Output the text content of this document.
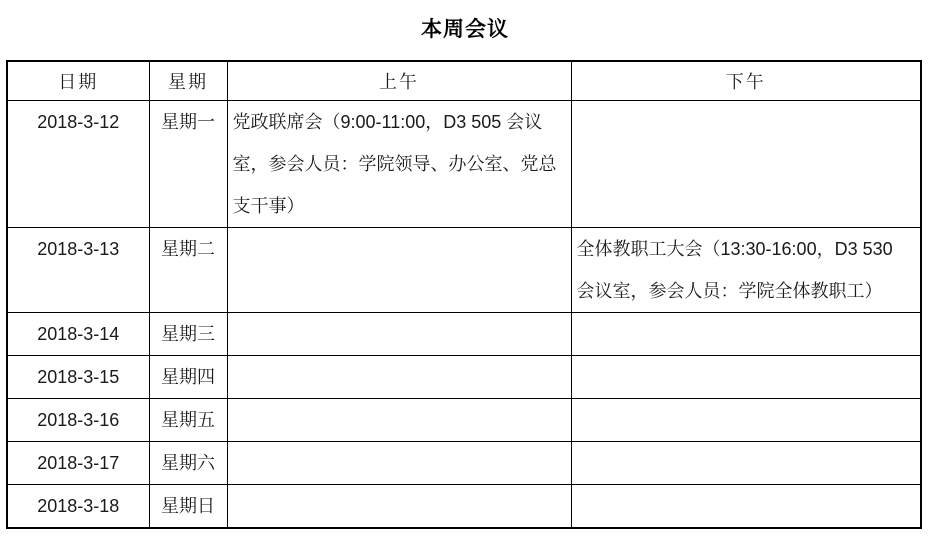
本周会议
日期	星期	上午	下午
2018-3-12	星期一	党政联席会（9:00-11:00，D3 505 会议室，参会人员：学院领导、办公室、党总支干事）	
2018-3-13	星期二		全体教职工大会（13:30-16:00，D3 530 会议室，参会人员：学院全体教职工）
2018-3-14	星期三		
2018-3-15	星期四		
2018-3-16	星期五		
2018-3-17	星期六		
2018-3-18	星期日		
